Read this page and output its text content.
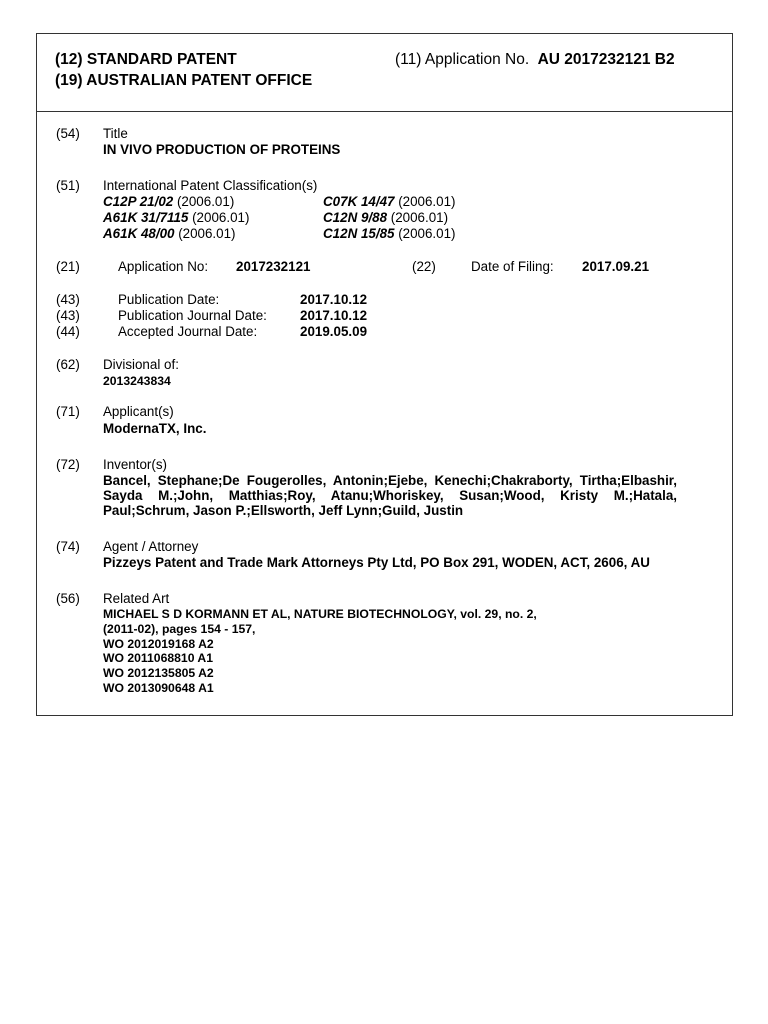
(12) STANDARD PATENT
(19) AUSTRALIAN PATENT OFFICE
(11) Application No. AU 2017232121 B2
(54) Title
IN VIVO PRODUCTION OF PROTEINS
(51) International Patent Classification(s)
C12P 21/02 (2006.01)	C07K 14/47 (2006.01)
A61K 31/7115 (2006.01)	C12N 9/88 (2006.01)
A61K 48/00 (2006.01)	C12N 15/85 (2006.01)
(21)	Application No: 2017232121	(22)	Date of Filing: 2017.09.21
(43)	Publication Date:	2017.10.12
(43)	Publication Journal Date: 2017.10.12
(44)	Accepted Journal Date:	2019.05.09
(62) Divisional of:
2013243834
(71) Applicant(s)
ModernaTX, Inc.
(72) Inventor(s)
Bancel, Stephane;De Fougerolles, Antonin;Ejebe, Kenechi;Chakraborty, Tirtha;Elbashir, Sayda M.;John, Matthias;Roy, Atanu;Whoriskey, Susan;Wood, Kristy M.;Hatala, Paul;Schrum, Jason P.;Ellsworth, Jeff Lynn;Guild, Justin
(74) Agent / Attorney
Pizzeys Patent and Trade Mark Attorneys Pty Ltd, PO Box 291, WODEN, ACT, 2606, AU
(56) Related Art
MICHAEL S D KORMANN ET AL, NATURE BIOTECHNOLOGY, vol. 29, no. 2,
(2011-02), pages 154 - 157,
WO 2012019168 A2
WO 2011068810 A1
WO 2012135805 A2
WO 2013090648 A1
